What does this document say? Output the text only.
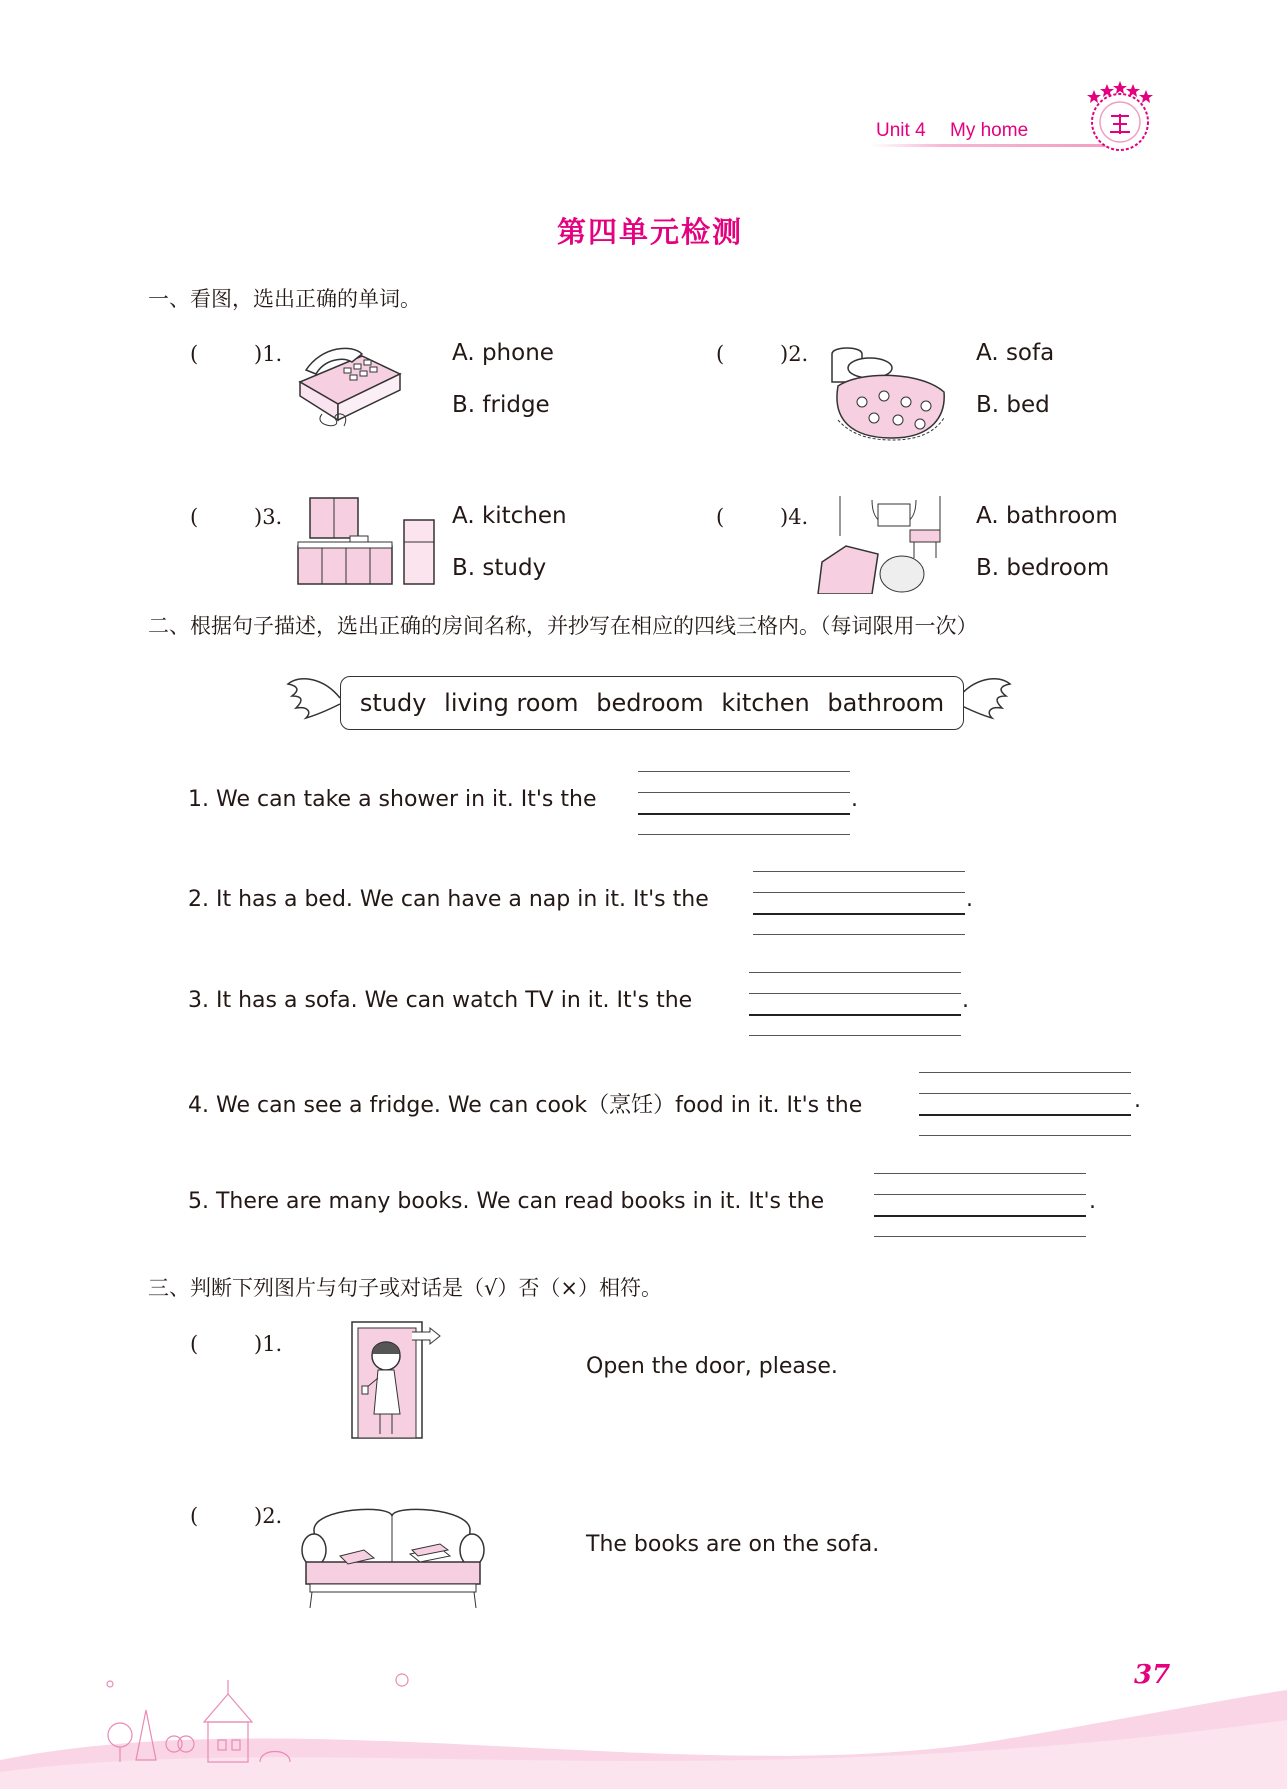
Unit 4 My home
第四单元检测
一、看图，选出正确的单词。
(	)1.	A. phone
B. fridge
(	)2.	A. sofa
B. bed
(	)3.	A. kitchen
B. study
(	)4.	A. bathroom
B. bedroom
二、根据句子描述，选出正确的房间名称，并抄写在相应的四线三格内。（每词限用一次）
study living room bedroom kitchen bathroom
1. We can take a shower in it. It's the	.
2. It has a bed. We can have a nap in it. It's the	.
3. It has a sofa. We can watch TV in it. It's the	.
4. We can see a fridge. We can cook（烹饪）food in it. It's the	.
5. There are many books. We can read books in it. It's the	.
三、判断下列图片与句子或对话是（√）否（×）相符。
(	)1.
Open the door, please.
(	)2.
The books are on the sofa.
37
